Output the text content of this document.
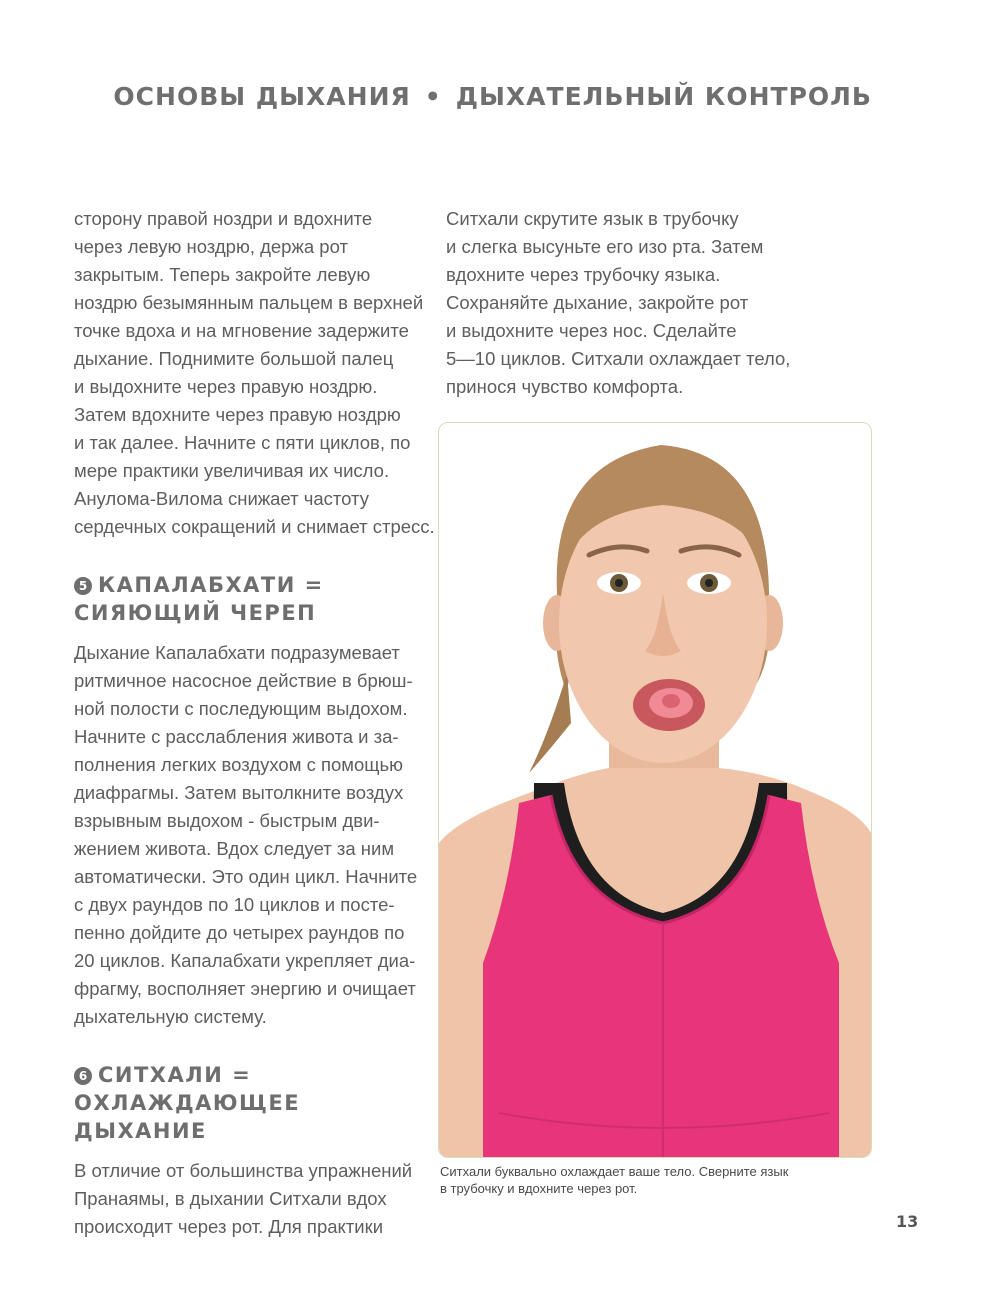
ОСНОВЫ ДЫХАНИЯ • ДЫХАТЕЛЬНЫЙ КОНТРОЛЬ

сторону правой ноздри и вдохните

через левую ноздрю, держа рот

закрытым. Теперь закройте левую

ноздрю безымянным пальцем в верхней

точке вдоха и на мгновение задержите

дыхание. Поднимите большой палец

и выдохните через правую ноздрю.

Затем вдохните через правую ноздрю

и так далее. Начните с пяти циклов, по

мере практики увеличивая их число.

Анулома-Вилома снижает частоту

сердечных сокращений и снимает стресс.

5 КАПАЛАБХАТИ =

СИЯЮЩИЙ ЧЕРЕП

Дыхание Капалабхати подразумевает

ритмичное насосное действие в брюш-

ной полости с последующим выдохом.

Начните с расслабления живота и за-

полнения легких воздухом с помощью

диафрагмы. Затем вытолкните воздух

взрывным выдохом - быстрым дви-

жением живота. Вдох следует за ним

автоматически. Это один цикл. Начните

с двух раундов по 10 циклов и посте-

пенно дойдите до четырех раундов по

20 циклов. Капалабхати укрепляет диа-

фрагму, восполняет энергию и очищает

дыхательную систему.

6 СИТХАЛИ =

ОХЛАЖДАЮЩЕЕ ДЫХАНИЕ

В отличие от большинства упражнений

Пранаямы, в дыхании Ситхали вдох

происходит через рот. Для практики

Ситхали скрутите язык в трубочку

и слегка высуньте его изо рта. Затем

вдохните через трубочку языка.

Сохраняйте дыхание, закройте рот

и выдохните через нос. Сделайте

5—10 циклов. Ситхали охлаждает тело,

принося чувство комфорта.

Ситхали буквально охлаждает ваше тело. Сверните язык

в трубочку и вдохните через рот.

13
